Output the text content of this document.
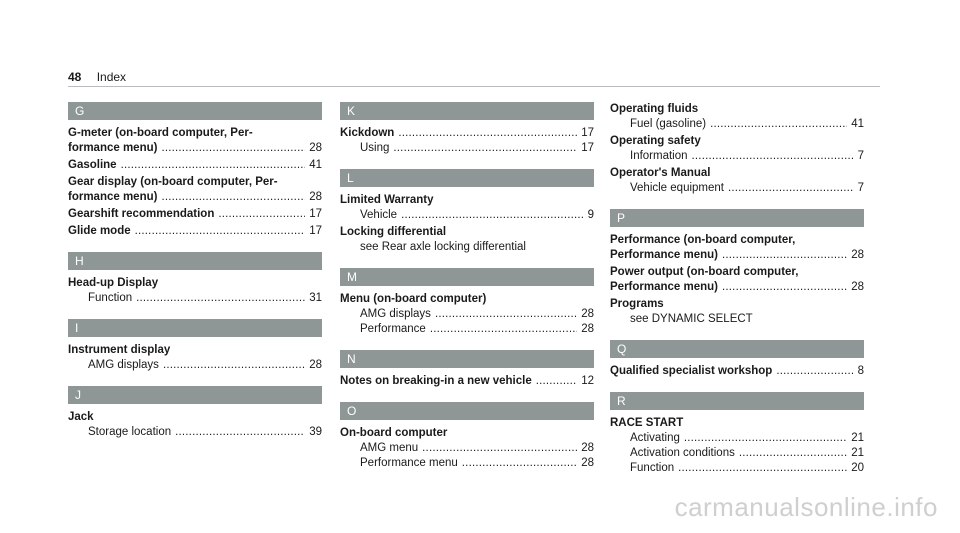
48 Index
G
G-meter (on-board computer, Per-
formance menu) . . .	28
Gasoline . . .	41
Gear display (on-board computer, Per-
formance menu) . . .	28
Gearshift recommendation . . .	17
Glide mode . . .	17
H
Head-up Display
Function . . .	31
I
Instrument display
AMG displays . . .	28
J
Jack
Storage location . . .	39
K
Kickdown . . .	17
Using . . .	17
L
Limited Warranty
Vehicle . . .	9
Locking differential
see Rear axle locking differential
M
Menu (on-board computer)
AMG displays . . .	28
Performance . . .	28
N
Notes on breaking-in a new vehicle . . .	12
O
On-board computer
AMG menu . . .	28
Performance menu . . .	28
Operating fluids
Fuel (gasoline) . . .	41
Operating safety
Information . . .	7
Operator's Manual
Vehicle equipment . . .	7
P
Performance (on-board computer,
Performance menu) . . .	28
Power output (on-board computer,
Performance menu) . . .	28
Programs
see DYNAMIC SELECT
Q
Qualified specialist workshop . . .	8
R
RACE START
Activating . . .	21
Activation conditions . . .	21
Function . . .	20
carmanualsonline.info
